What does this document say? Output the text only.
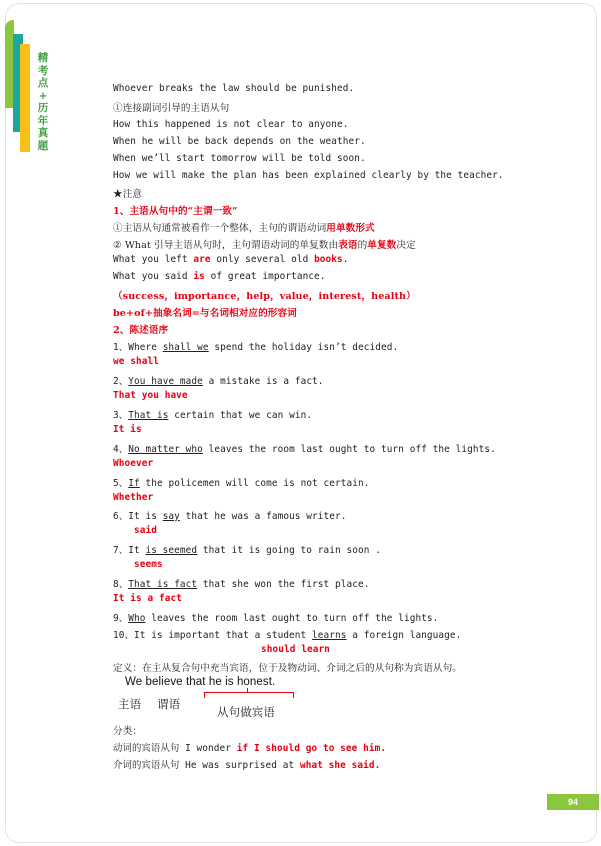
精
考
点
+
历
年
真
题
Whoever breaks the law should be punished.
①连接副词引导的主语从句
How this happened is not clear to anyone.
When he will be back depends on the weather.
When we’ll start tomorrow will be told soon.
How we will make the plan has been explained clearly by the teacher.
★注意
1、主语从句中的“主谓一致”
①主语从句通常被看作一个整体，主句的谓语动词用单数形式
② What 引导主语从句时，主句谓语动词的单复数由表语的单复数决定
What you left are only several old books.
What you said is of great importance.
（success，importance，help，value，interest，health）
be+of+抽象名词=与名词相对应的形容词
2、陈述语序
1、Where shall we spend the holiday isn’t decided.
we shall
2、You have made a mistake is a fact.
That you have
3、That is certain that we can win.
It is
4、No matter who leaves the room last ought to turn off the lights.
Whoever
5、If the policemen will come is not certain.
Whether
6、It is say that he was a famous writer.
said
7、It is seemed that it is going to rain soon .
seems
8、That is fact that she won the first place.
It is a fact
9、Who leaves the room last ought to turn off the lights.
10、It is important that a student learns a foreign language.
should learn
定义：在主从复合句中充当宾语，位于及物动词、介词之后的从句称为宾语从句。
We believe that he is honest.
主语 谓语
从句做宾语
分类：
动词的宾语从句 I wonder if I should go to see him.
介词的宾语从句 He was surprised at what she said.
94
